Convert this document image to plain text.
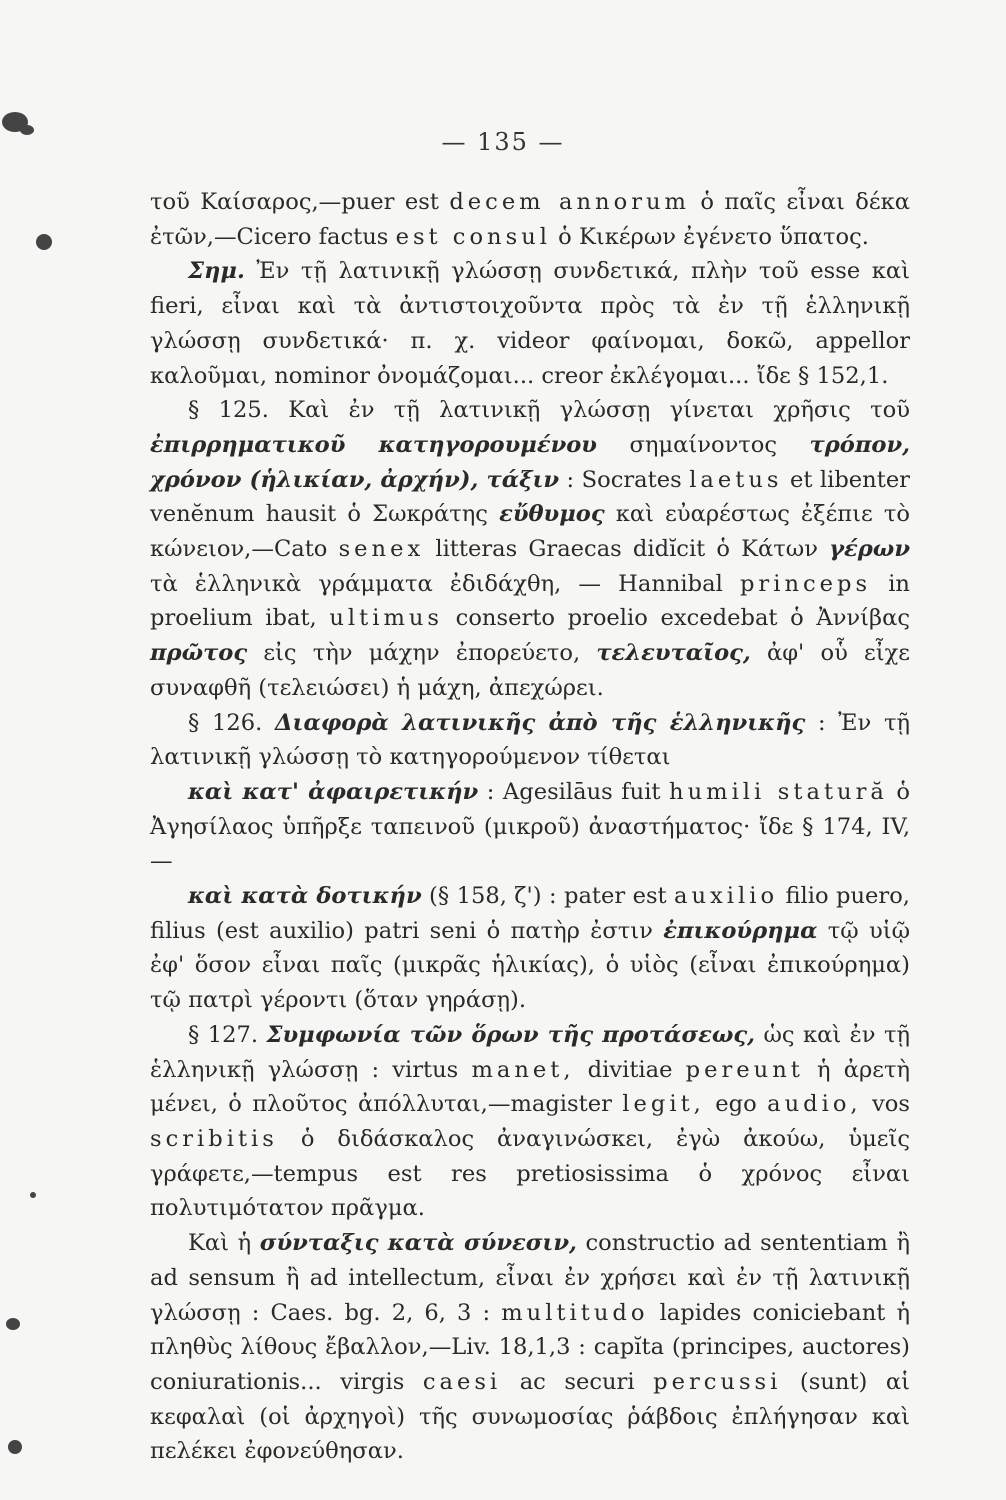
— 135 —

τοῦ Καίσαρος,—puer est decem annorum ὁ παῖς εἶναι δέκα ἐτῶν,—Cicero factus est consul ὁ Κικέρων ἐγένετο ὕπατος.

Σημ. Ἐν τῇ λατινικῇ γλώσσῃ συνδετικά, πλὴν τοῦ esse καὶ fieri, εἶναι καὶ τὰ ἀντιστοιχοῦντα πρὸς τὰ ἐν τῇ ἑλληνικῇ γλώσσῃ συνδετικά· π. χ. videor φαίνομαι, δοκῶ, appellor καλοῦμαι, nominor ὀνομάζομαι... creor ἐκλέγομαι... ἴδε § 152,1.

§ 125. Καὶ ἐν τῇ λατινικῇ γλώσσῃ γίνεται χρῆσις τοῦ ἐπιρρηματικοῦ κατηγορουμένου σημαίνοντος τρόπον, χρόνον (ἡλικίαν, ἀρχήν), τάξιν : Socrates laetus et libenter venĕnum hausit ὁ Σωκράτης εὔθυμος καὶ εὐαρέστως ἐξέπιε τὸ κώνειον,—Cato senex litteras Graecas didĭcit ὁ Κάτων γέρων τὰ ἑλληνικὰ γράμματα ἐδιδάχθη, — Hannibal princeps in proelium ibat, ultimus conserto proelio excedebat ὁ Ἀννίβας πρῶτος εἰς τὴν μάχην ἐπορεύετο, τελευταῖος, ἀφ' οὗ εἶχε συναφθῆ (τελειώσει) ἡ μάχη, ἀπεχώρει.

§ 126. Διαφορὰ λατινικῆς ἀπὸ τῆς ἑλληνικῆς : Ἐν τῇ λατινικῇ γλώσσῃ τὸ κατηγορούμενον τίθεται

καὶ κατ' ἀφαιρετικήν : Agesilāus fuit humili statură ὁ Ἀγησίλαος ὑπῆρξε ταπεινοῦ (μικροῦ) ἀναστήματος· ἴδε § 174, IV,—

καὶ κατὰ δοτικήν (§ 158, ζ') : pater est auxilio filio puero, filius (est auxilio) patri seni ὁ πατὴρ ἐστιν ἐπικούρημα τῷ υἱῷ ἐφ' ὅσον εἶναι παῖς (μικρᾶς ἡλικίας), ὁ υἱὸς (εἶναι ἐπικούρημα) τῷ πατρὶ γέροντι (ὅταν γηράσῃ).

§ 127. Συμφωνία τῶν ὅρων τῆς προτάσεως, ὡς καὶ ἐν τῇ ἑλληνικῇ γλώσσῃ : virtus manet, divitiae pereunt ἡ ἀρετὴ μένει, ὁ πλοῦτος ἀπόλλυται,—magister legit, ego audio, vos scribitis ὁ διδάσκαλος ἀναγινώσκει, ἐγὼ ἀκούω, ὑμεῖς γράφετε,—tempus est res pretiosissima ὁ χρόνος εἶναι πολυτιμότατον πρᾶγμα.

Καὶ ἡ σύνταξις κατὰ σύνεσιν, constructio ad sententiam ἢ ad sensum ἢ ad intellectum, εἶναι ἐν χρήσει καὶ ἐν τῇ λατινικῇ γλώσσῃ : Caes. bg. 2, 6, 3 : multitudo lapides coniciebant ἡ πληθὺς λίθους ἔβαλλον,—Liv. 18,1,3 : capĭta (principes, auctores) coniurationis... virgis caesi ac securi percussi (sunt) αἱ κεφαλαὶ (οἱ ἀρχηγοὶ) τῆς συνωμοσίας ῥάβδοις ἐπλήγησαν καὶ πελέκει ἐφονεύθησαν.
